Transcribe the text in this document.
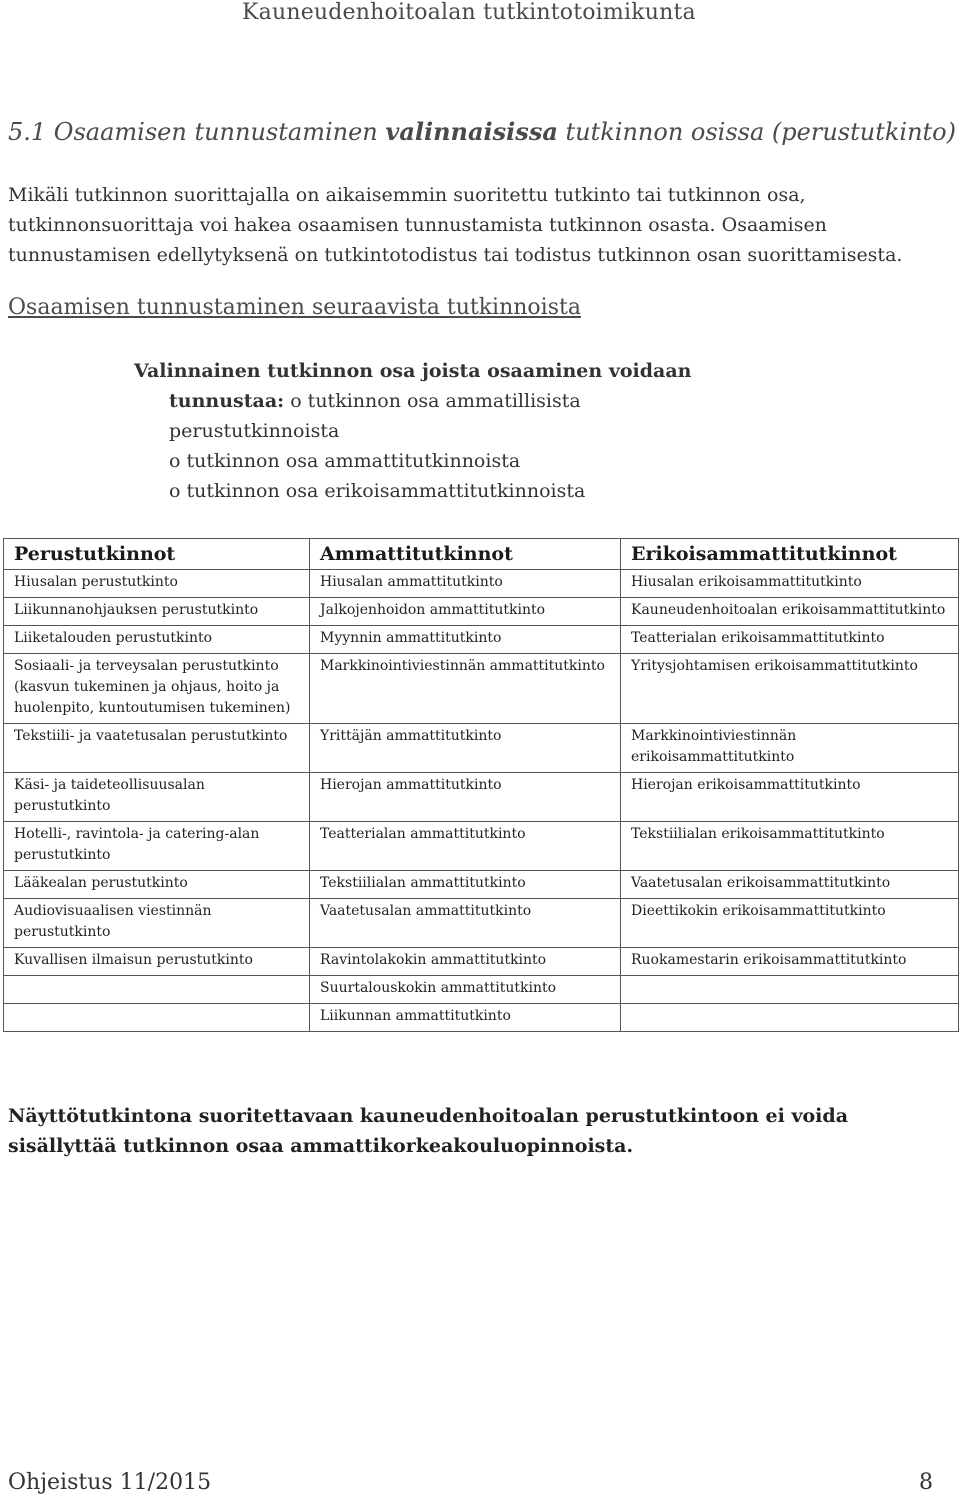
Kauneudenhoitoalan tutkintotoimikunta
5.1 Osaamisen tunnustaminen valinnaisissa tutkinnon osissa (perustutkinto)
Mikäli tutkinnon suorittajalla on aikaisemmin suoritettu tutkinto tai tutkinnon osa, tutkinnonsuorittaja voi hakea osaamisen tunnustamista tutkinnon osasta. Osaamisen tunnustamisen edellytyksenä on tutkintotodistus tai todistus tutkinnon osan suorittamisesta.
Osaamisen tunnustaminen seuraavista tutkinnoista
Valinnainen tutkinnon osa joista osaaminen voidaan
tunnustaa: o tutkinnon osa ammatillisista perustutkinnoista
o tutkinnon osa ammattitutkinnoista
o tutkinnon osa erikoisammattitutkinnoista
Perustutkinnot	Ammattitutkinnot	Erikoisammattitutkinnot
Hiusalan perustutkinto	Hiusalan ammattitutkinto	Hiusalan erikoisammattitutkinto
Liikunnanohjauksen perustutkinto	Jalkojenhoidon ammattitutkinto	Kauneudenhoitoalan erikoisammattitutkinto
Liiketalouden perustutkinto	Myynnin ammattitutkinto	Teatterialan erikoisammattitutkinto
Sosiaali- ja terveysalan perustutkinto (kasvun tukeminen ja ohjaus, hoito ja huolenpito, kuntoutumisen tukeminen)	Markkinointiviestinnän ammattitutkinto	Yritysjohtamisen erikoisammattitutkinto
Tekstiili- ja vaatetusalan perustutkinto	Yrittäjän ammattitutkinto	Markkinointiviestinnän erikoisammattitutkinto
Käsi- ja taideteollisuusalan perustutkinto	Hierojan ammattitutkinto	Hierojan erikoisammattitutkinto
Hotelli-, ravintola- ja catering-alan perustutkinto	Teatterialan ammattitutkinto	Tekstiilialan erikoisammattitutkinto
Lääkealan perustutkinto	Tekstiilialan ammattitutkinto	Vaatetusalan erikoisammattitutkinto
Audiovisuaalisen viestinnän perustutkinto	Vaatetusalan ammattitutkinto	Dieettikokin erikoisammattitutkinto
Kuvallisen ilmaisun perustutkinto	Ravintolakokin ammattitutkinto	Ruokamestarin erikoisammattitutkinto
	Suurtalouskokin ammattitutkinto	
	Liikunnan ammattitutkinto	
Näyttötutkintona suoritettavaan kauneudenhoitoalan perustutkintoon ei voida sisällyttää tutkinnon osaa ammattikorkeakouluopinnoista.
Ohjeistus 11/2015	8
